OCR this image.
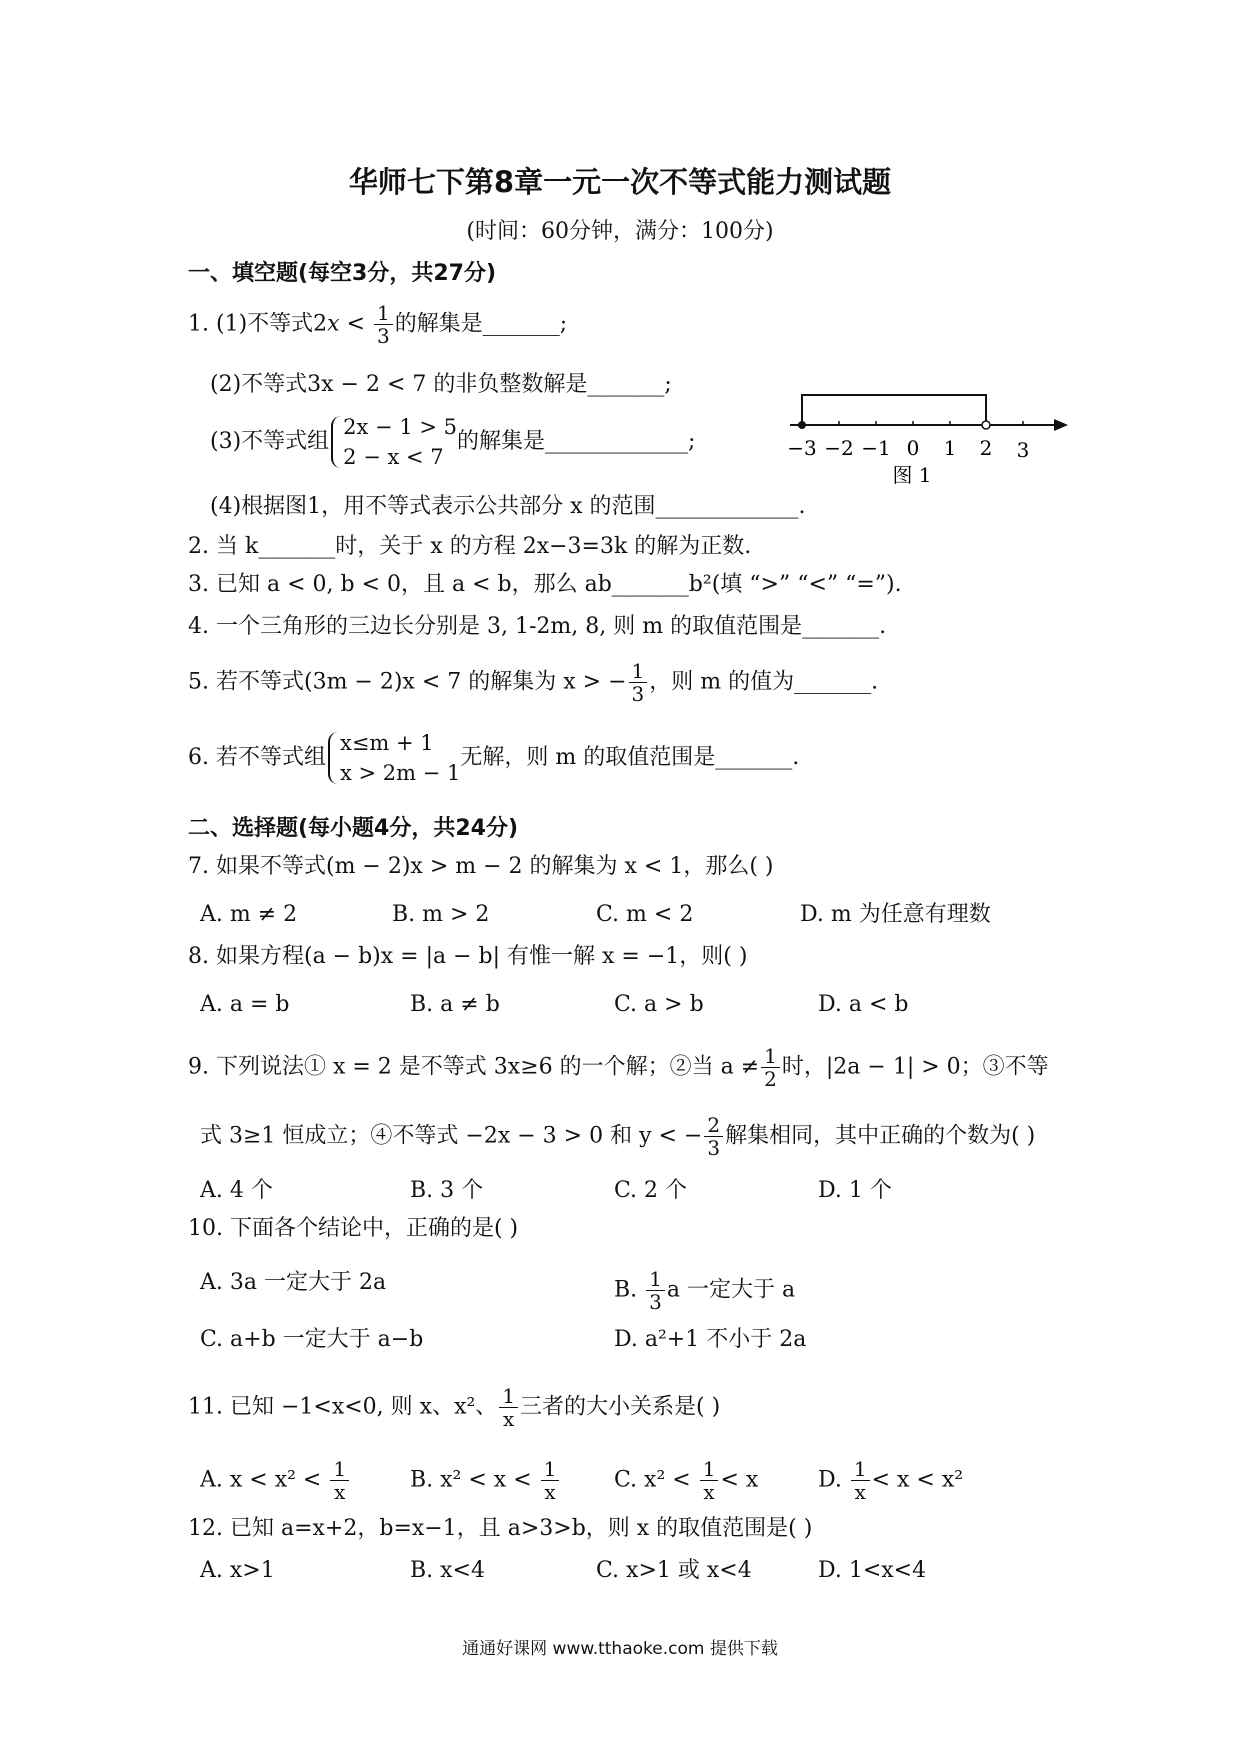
华师七下第8章一元一次不等式能力测试题
(时间：60分钟，满分：100分)
一、填空题(每空3分，共27分)
1. (1)不等式$2x < \frac{1}{3}$ 的解集是_______;
(2)不等式3x − 2 < 7 的非负整数解是_______;
(3)不等式组
2x − 1 > 5
2 − x < 7
的解集是_____________;	−3 −2 −1 0 1 2 3
图 1
(4)根据图1，用不等式表示公共部分 x 的范围_____________.
2. 当 k_______时，关于 x 的方程 2x−3=3k 的解为正数.
3. 已知 a < 0, b < 0，且 a < b，那么 ab_______b²(填 “>” “<” “=”).
4. 一个三角形的三边长分别是 3, 1-2m, 8, 则 m 的取值范围是_______.
5. 若不等式(3m − 2)x < 7 的解集为 x > − $\frac{1}{3}$ ，则 m 的值为_______.
6. 若不等式组
x≤m + 1
x > 2m − 1
无解，则 m 的取值范围是_______.
二、选择题(每小题4分，共24分)
7. 如果不等式(m − 2)x > m − 2 的解集为 x < 1，那么( )
A. m ≠ 2	B. m > 2	C. m < 2	D. m 为任意有理数
8. 如果方程(a − b)x = |a − b| 有惟一解 x = −1，则( )
A. a = b	B. a ≠ b	C. a > b	D. a < b
9. 下列说法① x = 2 是不等式 3x≥6 的一个解；②当 $a \ne \frac{1}{2}$ 时，|2a − 1| > 0；③不等
式 3≥1 恒成立；④不等式 −2x − 3 > 0 和 y < − $\frac{2}{3}$ 解集相同，其中正确的个数为( )
A. 4 个	B. 3 个	C. 2 个	D. 1 个
10. 下面各个结论中，正确的是( )
A. 3a 一定大于 2a	B. $\frac{1}{3}$ a 一定大于 a
C. a+b 一定大于 a−b	D. a²+1 不小于 2a
11. 已知 −1<x<0, 则 x、x²、 $\frac{1}{x}$ 三者的大小关系是( )
A. $x < x^2 < \frac{1}{x}$	B. $x^2 < x < \frac{1}{x} C$. $x^2 < \frac{1}{x} < x$	D. $\frac{1}{x} < x < x^2$
12. 已知 a=x+2，b=x−1，且 a>3>b，则 x 的取值范围是( )
A. x>1	B. x<4	C. x>1 或 x<4	D. 1<x<4
通通好课网 www.tthaoke.com 提供下载
